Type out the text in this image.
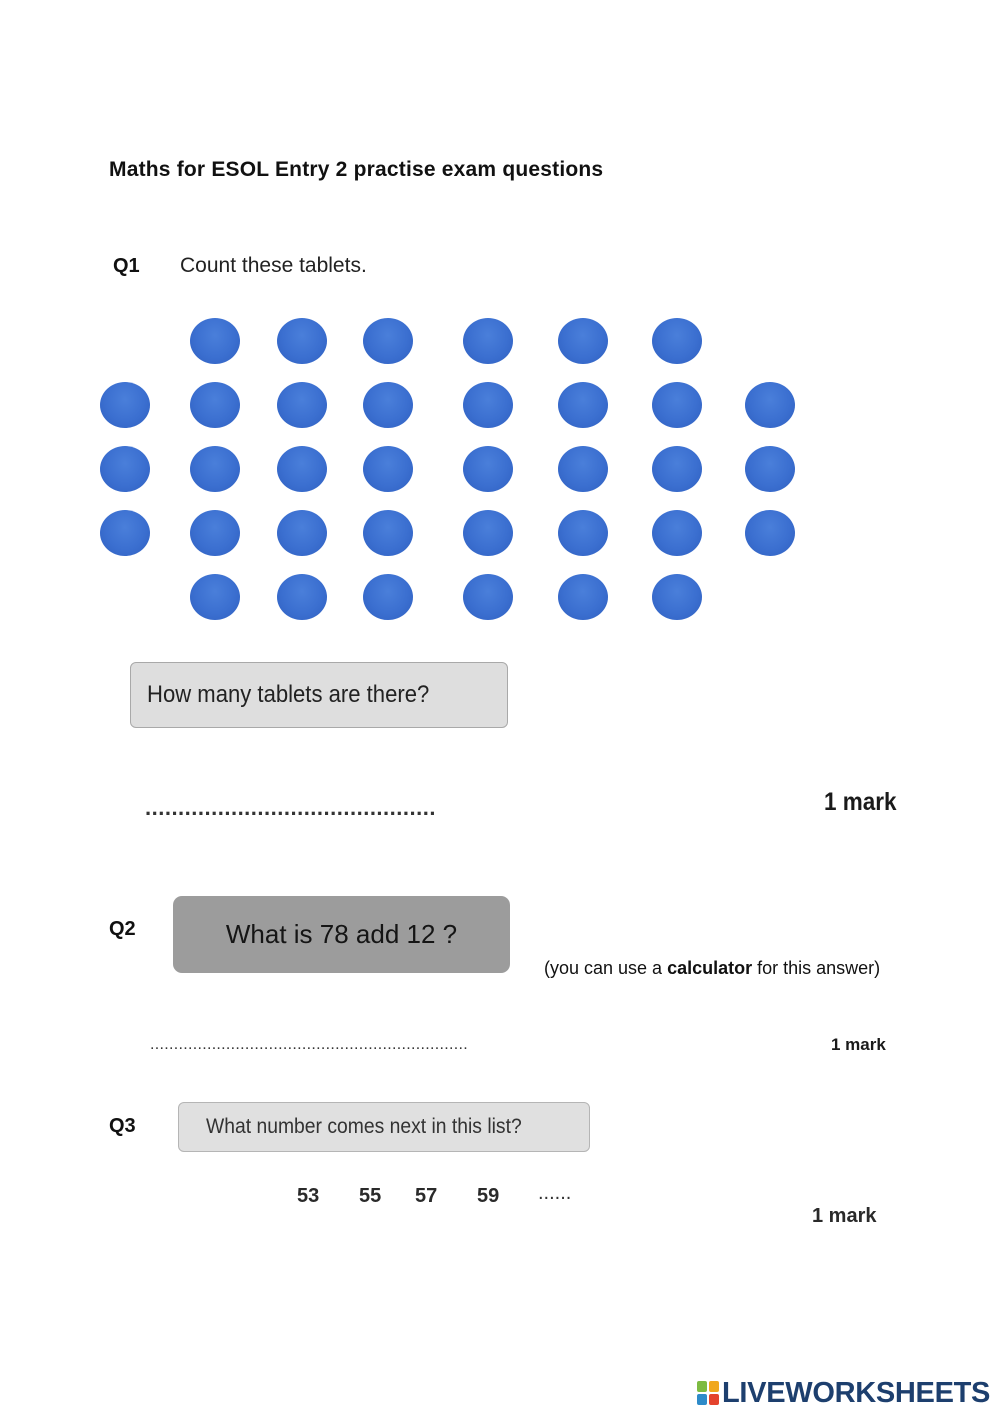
Maths for ESOL Entry 2 practise exam questions
Q1 Count these tablets.
How many tablets are there?
............................................	1 mark
Q2	What is 78 add 12 ?
(you can use a calculator for this answer)
...................................................................	1 mark
Q3	What number comes next in this list?
53 55 57 59 ......
1 mark
LIVEWORKSHEETS
